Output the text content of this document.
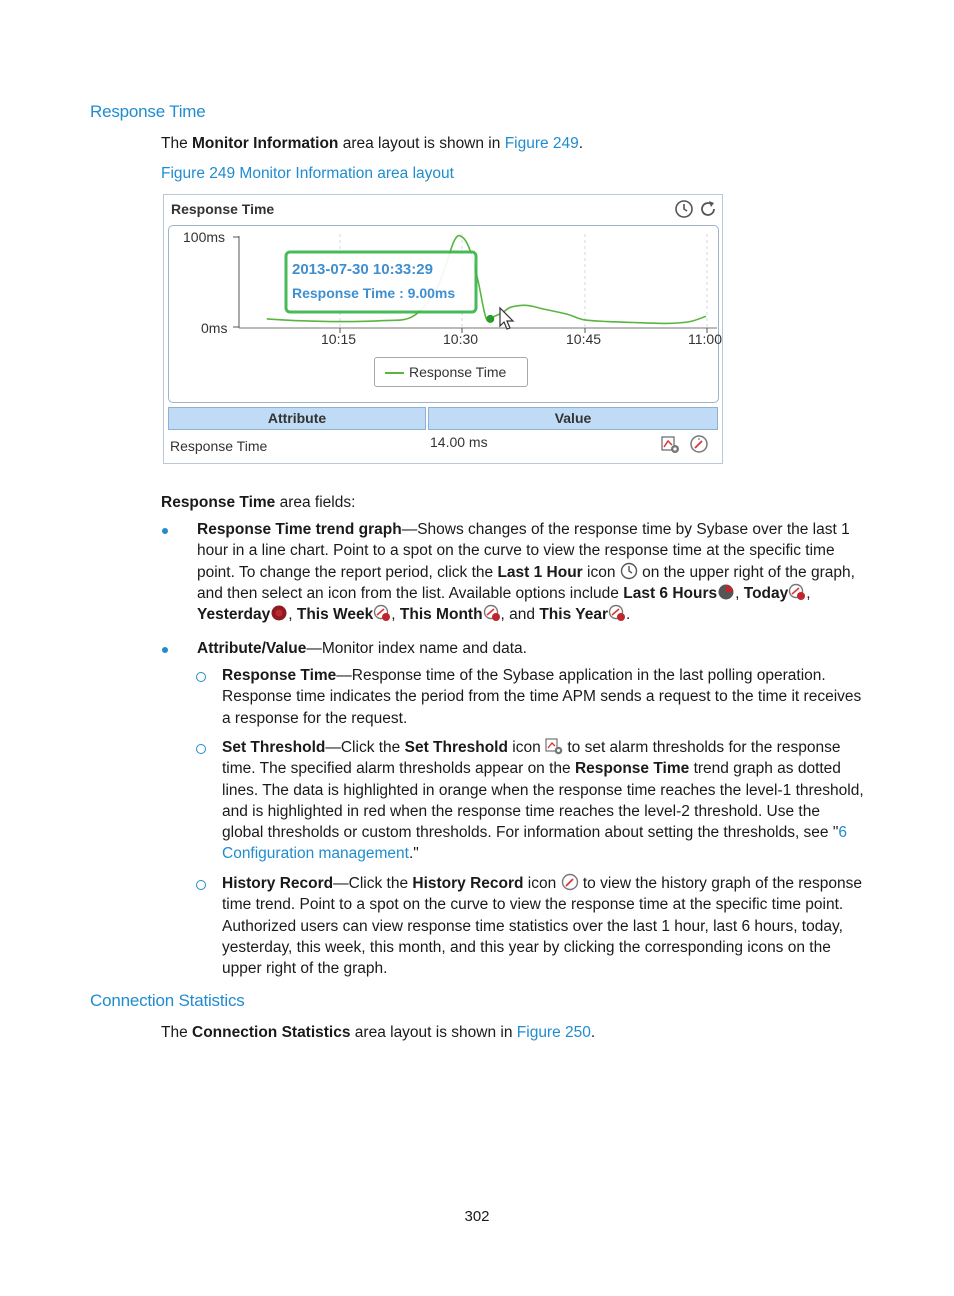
Response Time
The Monitor Information area layout is shown in Figure 249.
Figure 249 Monitor Information area layout
Response Time
100ms
0ms
10:15	10:30	10:45	11:00
2013-07-30 10:33:29
Response Time : 9.00ms
Response Time
Attribute	Value
Response Time	14.00 ms
Response Time area fields:
Response Time trend graph—Shows changes of the response time by Sybase over the last 1 hour in a line chart. Point to a spot on the curve to view the response time at the specific time point. To change the report period, click the Last 1 Hour icon  on the upper right of the graph, and then select an icon from the list. Available options include Last 6 Hours , Today , Yesterday , This Week , This Month , and This Year .
Attribute/Value—Monitor index name and data.
Response Time—Response time of the Sybase application in the last polling operation. Response time indicates the period from the time APM sends a request to the time it receives a response for the request.
Set Threshold—Click the Set Threshold icon  to set alarm thresholds for the response time. The specified alarm thresholds appear on the Response Time trend graph as dotted lines. The data is highlighted in orange when the response time reaches the level-1 threshold, and is highlighted in red when the response time reaches the level-2 threshold. Use the global thresholds or custom thresholds. For information about setting the thresholds, see "6 Configuration management."
History Record—Click the History Record icon  to view the history graph of the response time trend. Point to a spot on the curve to view the response time at the specific time point. Authorized users can view response time statistics over the last 1 hour, last 6 hours, today, yesterday, this week, this month, and this year by clicking the corresponding icons on the upper right of the graph.
Connection Statistics
The Connection Statistics area layout is shown in Figure 250.
302
